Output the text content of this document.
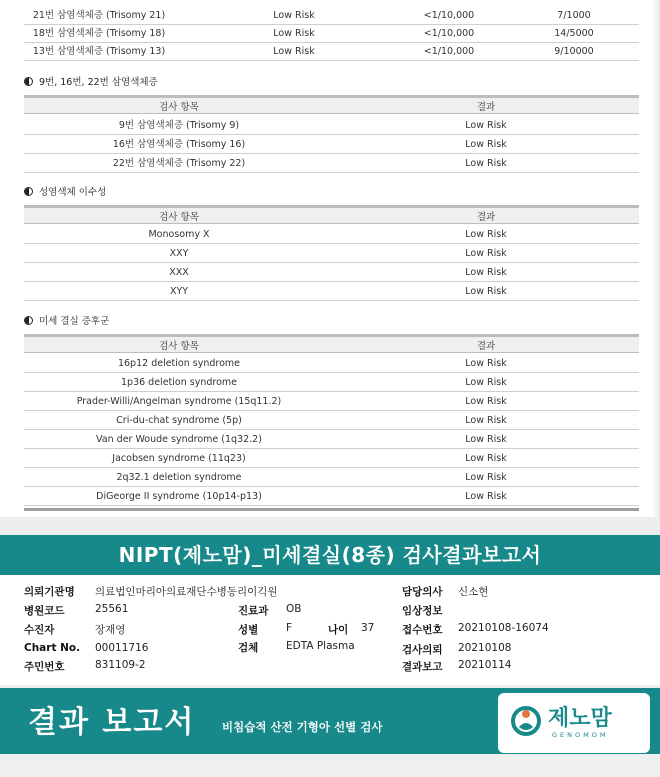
21번 삼염색체증 (Trisomy 21)	Low Risk	<1/10,000	7/1000
18번 삼염색체증 (Trisomy 18)	Low Risk	<1/10,000	14/5000
13번 삼염색체증 (Trisomy 13)	Low Risk	<1/10,000	9/10000
9번, 16번, 22번 삼염색체증
검사 항목	결과
9번 삼염색체증 (Trisomy 9)	Low Risk
16번 삼염색체증 (Trisomy 16)	Low Risk
22번 삼염색체증 (Trisomy 22)	Low Risk
성염색체 이수성
검사 항목	결과
Monosomy X	Low Risk
XXY	Low Risk
XXX	Low Risk
XYY	Low Risk
미세 결실 증후군
검사 항목	결과
16p12 deletion syndrome	Low Risk
1p36 deletion syndrome	Low Risk
Prader-Willi/Angelman syndrome (15q11.2)	Low Risk
Cri-du-chat syndrome (5p)	Low Risk
Van der Woude syndrome (1q32.2)	Low Risk
Jacobsen syndrome (11q23)	Low Risk
2q32.1 deletion syndrome	Low Risk
DiGeorge II syndrome (10p14-p13)	Low Risk
NIPT(제노맘)_미세결실(8종) 검사결과보고서
의뢰기관명 의료법인마리아의료재단수병동리이긱원
병원코드	25561
수진자	장재영
Chart No. 00011716
주민번호	831109-2
진료과 OB
성별	F	나이 37
검체	EDTA Plasma
담당의사 신소현
임상정보
접수번호 20210108-16074
검사의뢰 20210108
결과보고 20210114
결과 보고서 비침습적 산전 기형아 선별 검사	제노맘
GENOMOM
